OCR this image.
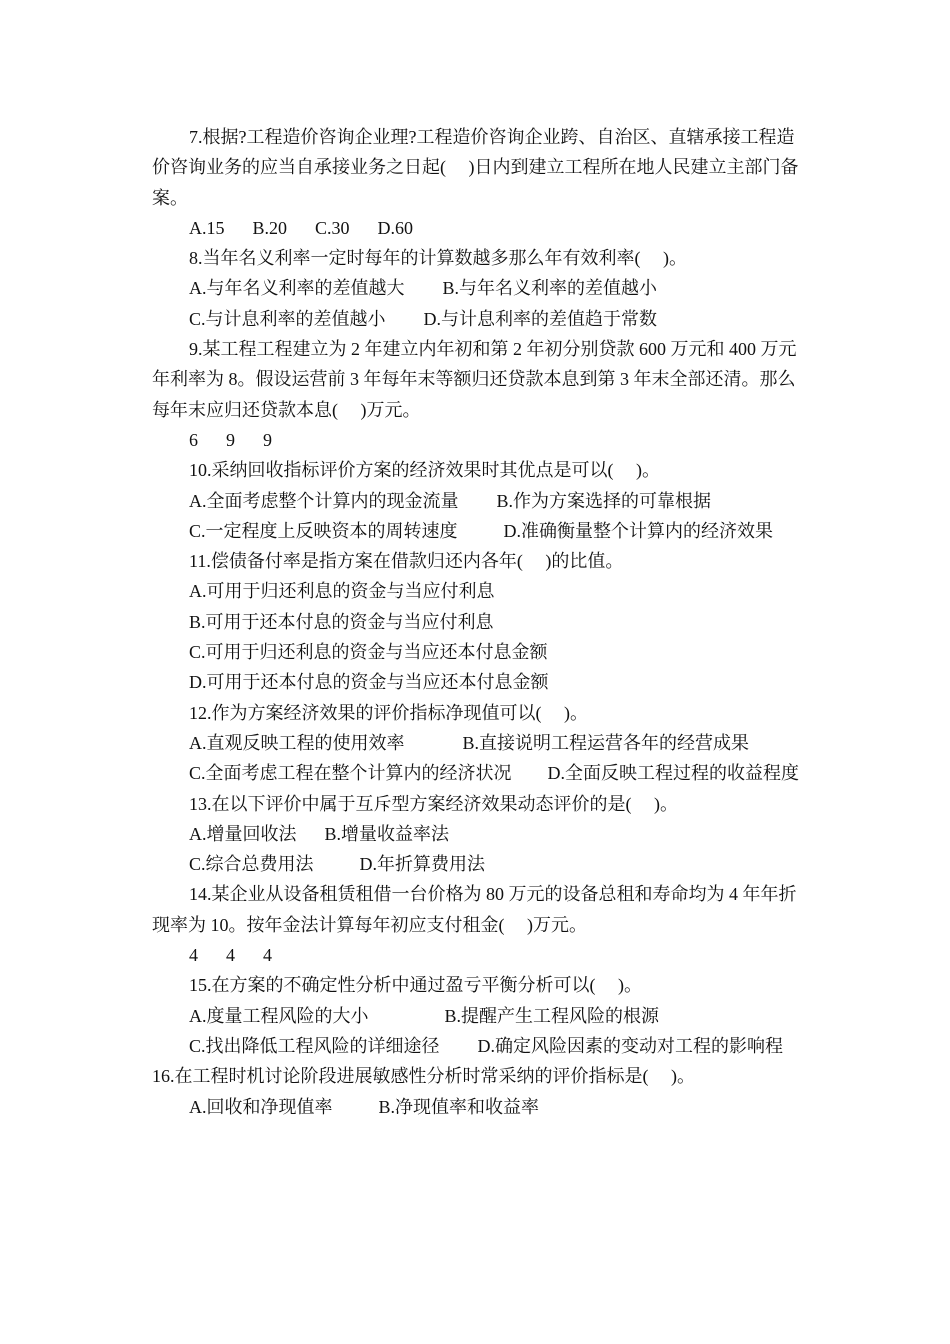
7.根据?工程造价咨询企业理?工程造价咨询企业跨、自治区、直辖承接工程造价咨询业务的应当自承接业务之日起(　 )日内到建立工程所在地人民建立主部门备案。

A.15 B.20 C.30 D.60
8.当年名义利率一定时每年的计算数越多那么年有效利率(　 )。
A.与年名义利率的差值越大 B.与年名义利率的差值越小
C.与计息利率的差值越小 D.与计息利率的差值趋于常数

9.某工程工程建立为 2 年建立内年初和第 2 年初分别贷款 600 万元和 400 万元年利率为 8。假设运营前 3 年每年末等额归还贷款本息到第 3 年末全部还清。那么每年末应归还贷款本息(　 )万元。

6 9 9
10.采纳回收指标评价方案的经济效果时其优点是可以(　 )。
A.全面考虑整个计算内的现金流量 B.作为方案选择的可靠根据

C.一定程度上反映资本的周转速度	D.准确衡量整个计算内的经济效果

11.偿债备付率是指方案在借款归还内各年(　 )的比值。
A.可用于归还利息的资金与当应付利息
B.可用于还本付息的资金与当应付利息
C.可用于归还利息的资金与当应还本付息金额
D.可用于还本付息的资金与当应还本付息金额
12.作为方案经济效果的评价指标净现值可以(　 )。
A.直观反映工程的使用效率	B.直接说明工程运营各年的经营成果

C.全面考虑工程在整个计算内的经济状况 D.全面反映工程过程的收益程度

13.在以下评价中属于互斥型方案经济效果动态评价的是(　 )。
A.增量回收法 B.增量收益率法
C.综合总费用法	D.年折算费用法

14.某企业从设备租赁租借一台价格为 80 万元的设备总租和寿命均为 4 年年折现率为 10。按年金法计算每年初应支付租金(　 )万元。

4 4 4
15.在方案的不确定性分析中通过盈亏平衡分析可以(　 )。
A.度量工程风险的大小	B.提醒产生工程风险的根源

C.找出降低工程风险的详细途径 D.确定风险因素的变动对工程的影响程

16.在工程时机讨论阶段进展敏感性分析时常采纳的评价指标是(　 )。
A.回收和净现值率	B.净现值率和收益率
